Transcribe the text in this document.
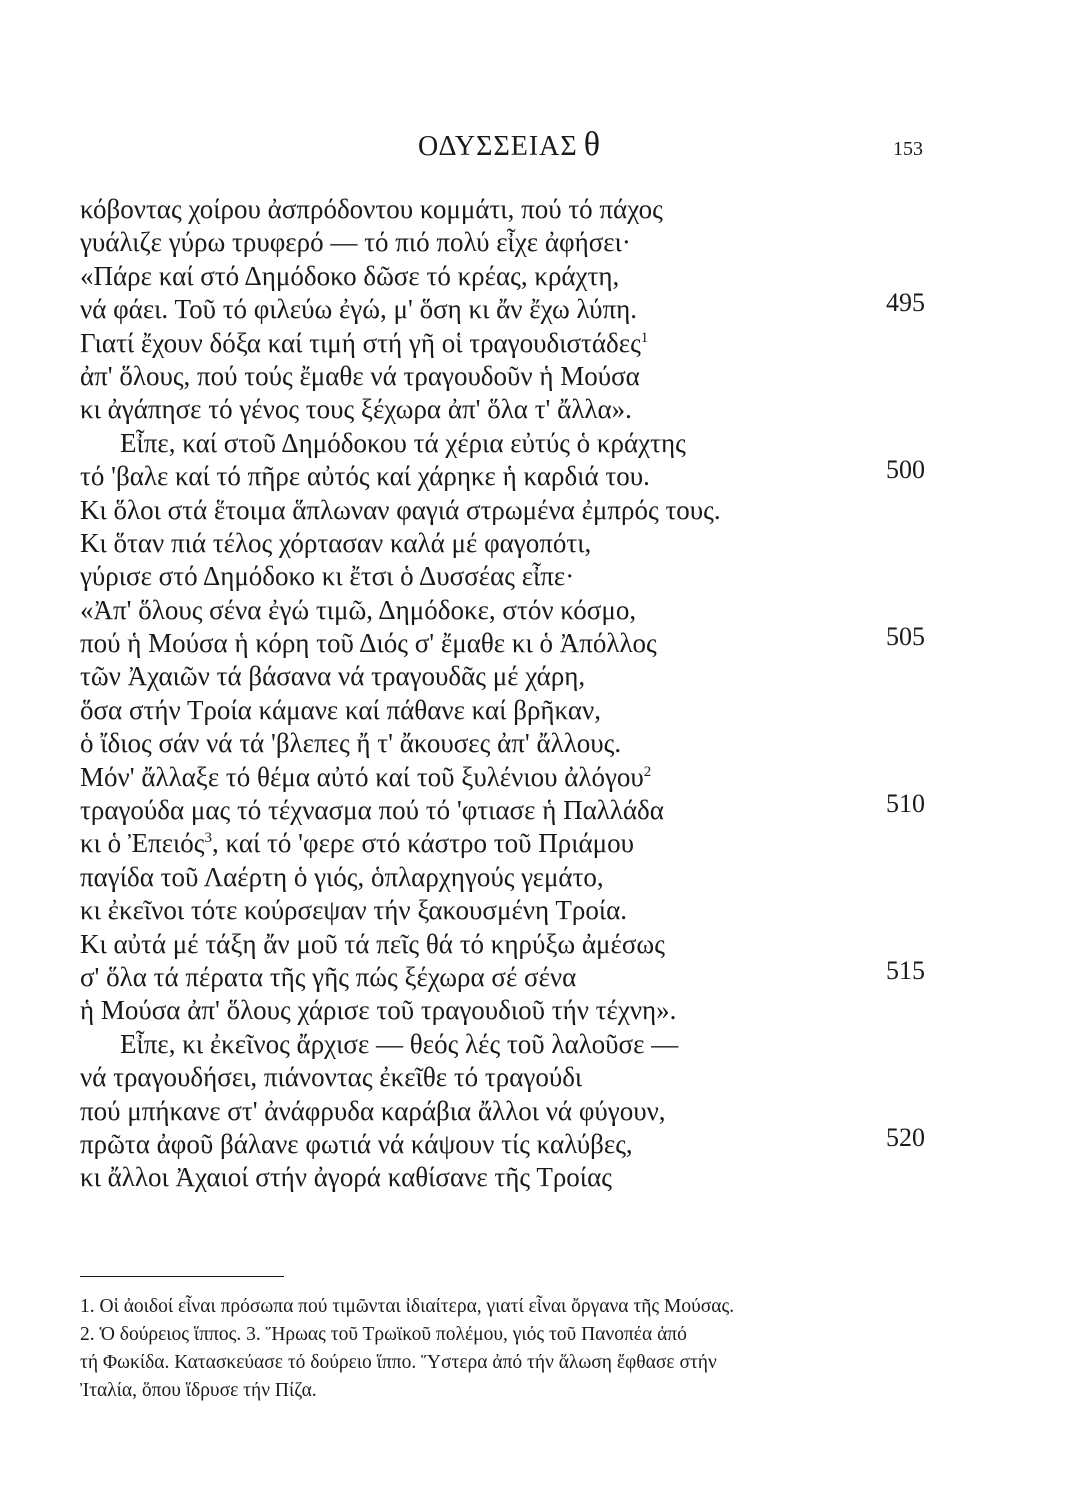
ΟΔΥΣΣΕΙΑΣ θ	153
κόβοντας χοίρου ἀσπρόδοντου κομμάτι, πού τό πάχος
γυάλιζε γύρω τρυφερό — τό πιό πολύ εἶχε ἀφήσει·
«Πάρε καί στό Δημόδοκο δῶσε τό κρέας, κράχτη,
νά φάει. Τοῦ τό φιλεύω ἐγώ, μ' ὅση κι ἄν ἔχω λύπη.
Γιατί ἔχουν δόξα καί τιμή στή γῆ οἱ τραγουδιστάδες$^1$
ἀπ' ὅλους, πού τούς ἔμαθε νά τραγουδοῦν ἡ Μούσα
κι ἀγάπησε τό γένος τους ξέχωρα ἀπ' ὅλα τ' ἄλλα».
Εἶπε, καί στοῦ Δημόδοκου τά χέρια εὐτύς ὁ κράχτης
τό 'βαλε καί τό πῆρε αὐτός καί χάρηκε ἡ καρδιά του.
Κι ὅλοι στά ἕτοιμα ἅπλωναν φαγιά στρωμένα ἐμπρός τους.
Κι ὅταν πιά τέλος χόρτασαν καλά μέ φαγοπότι,
γύρισε στό Δημόδοκο κι ἔτσι ὁ Δυσσέας εἶπε·
«Ἀπ' ὅλους σένα ἐγώ τιμῶ, Δημόδοκε, στόν κόσμο,
πού ἡ Μούσα ἡ κόρη τοῦ Διός σ' ἔμαθε κι ὁ Ἀπόλλος
τῶν Ἀχαιῶν τά βάσανα νά τραγουδᾶς μέ χάρη,
ὅσα στήν Τροία κάμανε καί πάθανε καί βρῆκαν,
ὁ ἴδιος σάν νά τά 'βλεπες ἤ τ' ἄκουσες ἀπ' ἄλλους.
Μόν' ἄλλαξε τό θέμα αὐτό καί τοῦ ξυλένιου ἀλόγου$^2$
τραγούδα μας τό τέχνασμα πού τό 'φτιασε ἡ Παλλάδα
κι ὁ Ἐπειός$^3$, καί τό 'φερε στό κάστρο τοῦ Πριάμου
παγίδα τοῦ Λαέρτη ὁ γιός, ὁπλαρχηγούς γεμάτο,
κι ἐκεῖνοι τότε κούρσεψαν τήν ξακουσμένη Τροία.
Κι αὐτά μέ τάξη ἄν μοῦ τά πεῖς θά τό κηρύξω ἀμέσως
σ' ὅλα τά πέρατα τῆς γῆς πώς ξέχωρα σέ σένα
ἡ Μούσα ἀπ' ὅλους χάρισε τοῦ τραγουδιοῦ τήν τέχνη».
Εἶπε, κι ἐκεῖνος ἄρχισε — θεός λές τοῦ λαλοῦσε —
νά τραγουδήσει, πιάνοντας ἐκεῖθε τό τραγούδι
πού μπήκανε στ' ἀνάφρυδα καράβια ἄλλοι νά φύγουν,
πρῶτα ἀφοῦ βάλανε φωτιά νά κάψουν τίς καλύβες,
κι ἄλλοι Ἀχαιοί στήν ἀγορά καθίσανε τῆς Τροίας
495
500
505
510
515
520
1. Οἱ ἀοιδοί εἶναι πρόσωπα πού τιμῶνται ἰδιαίτερα, γιατί εἶναι ὄργανα τῆς Μούσας.
2. Ὁ δούρειος ἵππος. 3. Ἥρωας τοῦ Τρωϊκοῦ πολέμου, γιός τοῦ Πανοπέα ἀπό
τή Φωκίδα. Κατασκεύασε τό δούρειο ἵππο. Ὕστερα ἀπό τήν ἅλωση ἔφθασε στήν
Ἰταλία, ὅπου ἵδρυσε τήν Πίζα.
